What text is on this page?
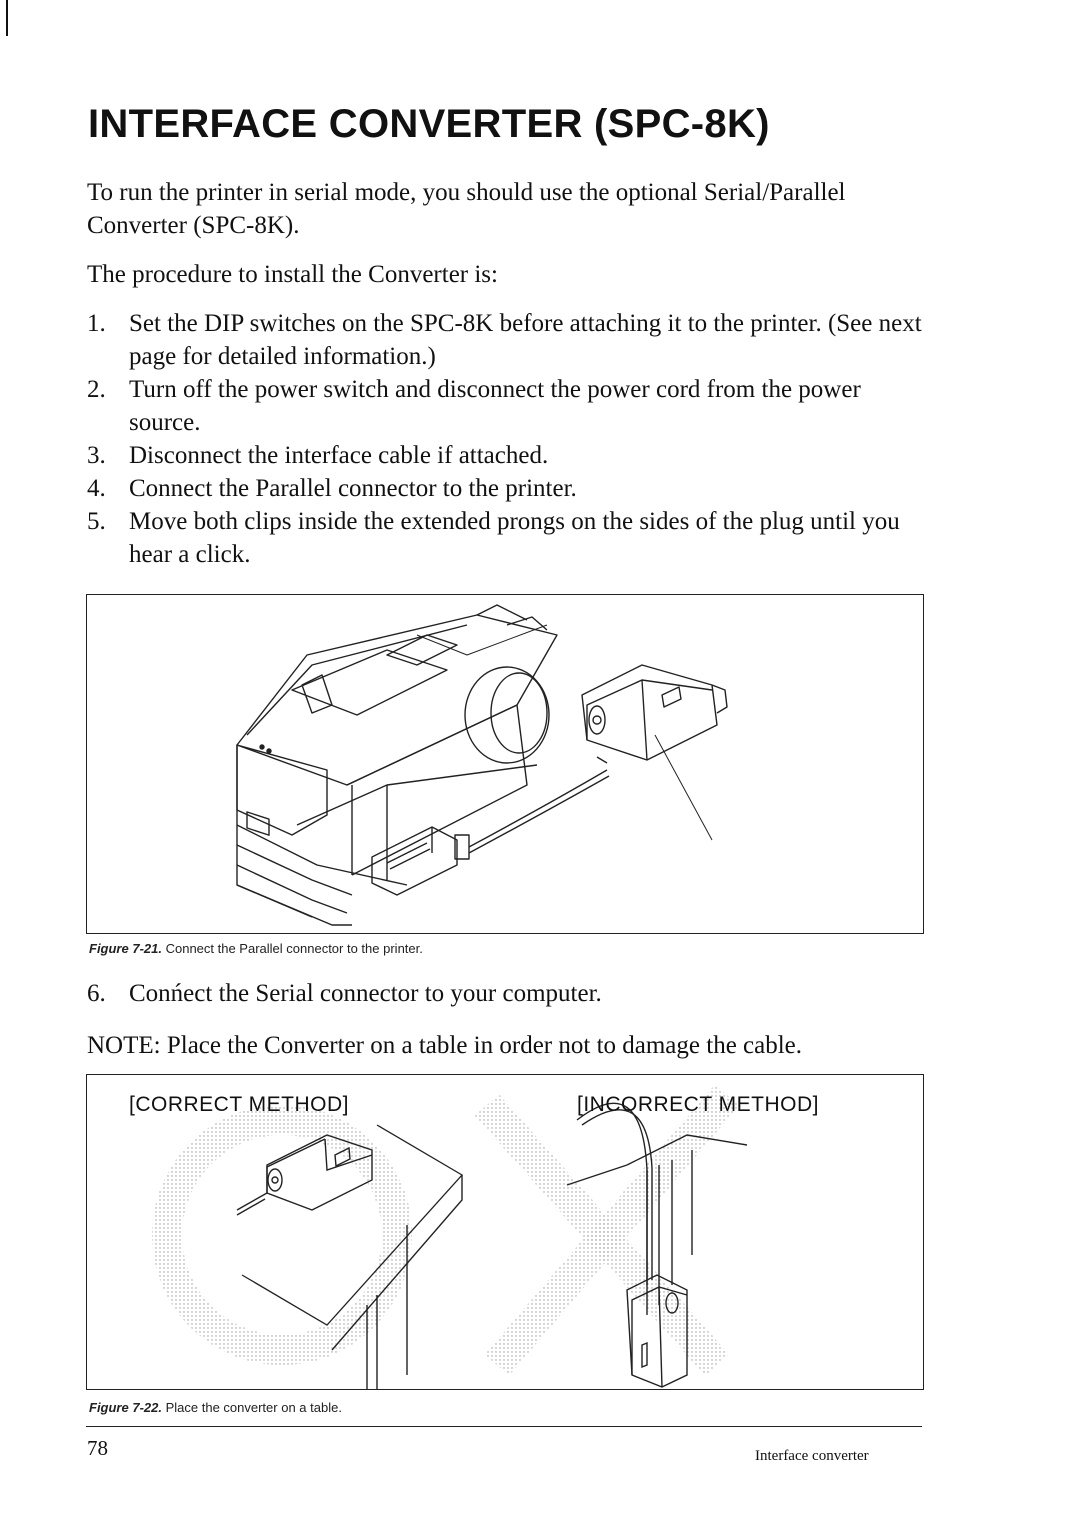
INTERFACE CONVERTER (SPC-8K)

To run the printer in serial mode, you should use the optional Serial/Parallel Converter (SPC-8K).

The procedure to install the Converter is:

1. Set the DIP switches on the SPC-8K before attaching it to the printer. (See next page for detailed information.)
2. Turn off the power switch and disconnect the power cord from the power source.
3. Disconnect the interface cable if attached.
4. Connect the Parallel connector to the printer.
5. Move both clips inside the extended prongs on the sides of the plug until you hear a click.
Interface converter
Figure 7-21. Connect the Parallel connector to the printer.
6. Conńect the Serial connector to your computer.

NOTE: Place the Converter on a table in order not to damage the cable.

[CORRECT METHOD]	[INCORRECT METHOD]
Figure 7-22. Place the converter on a table.
78
